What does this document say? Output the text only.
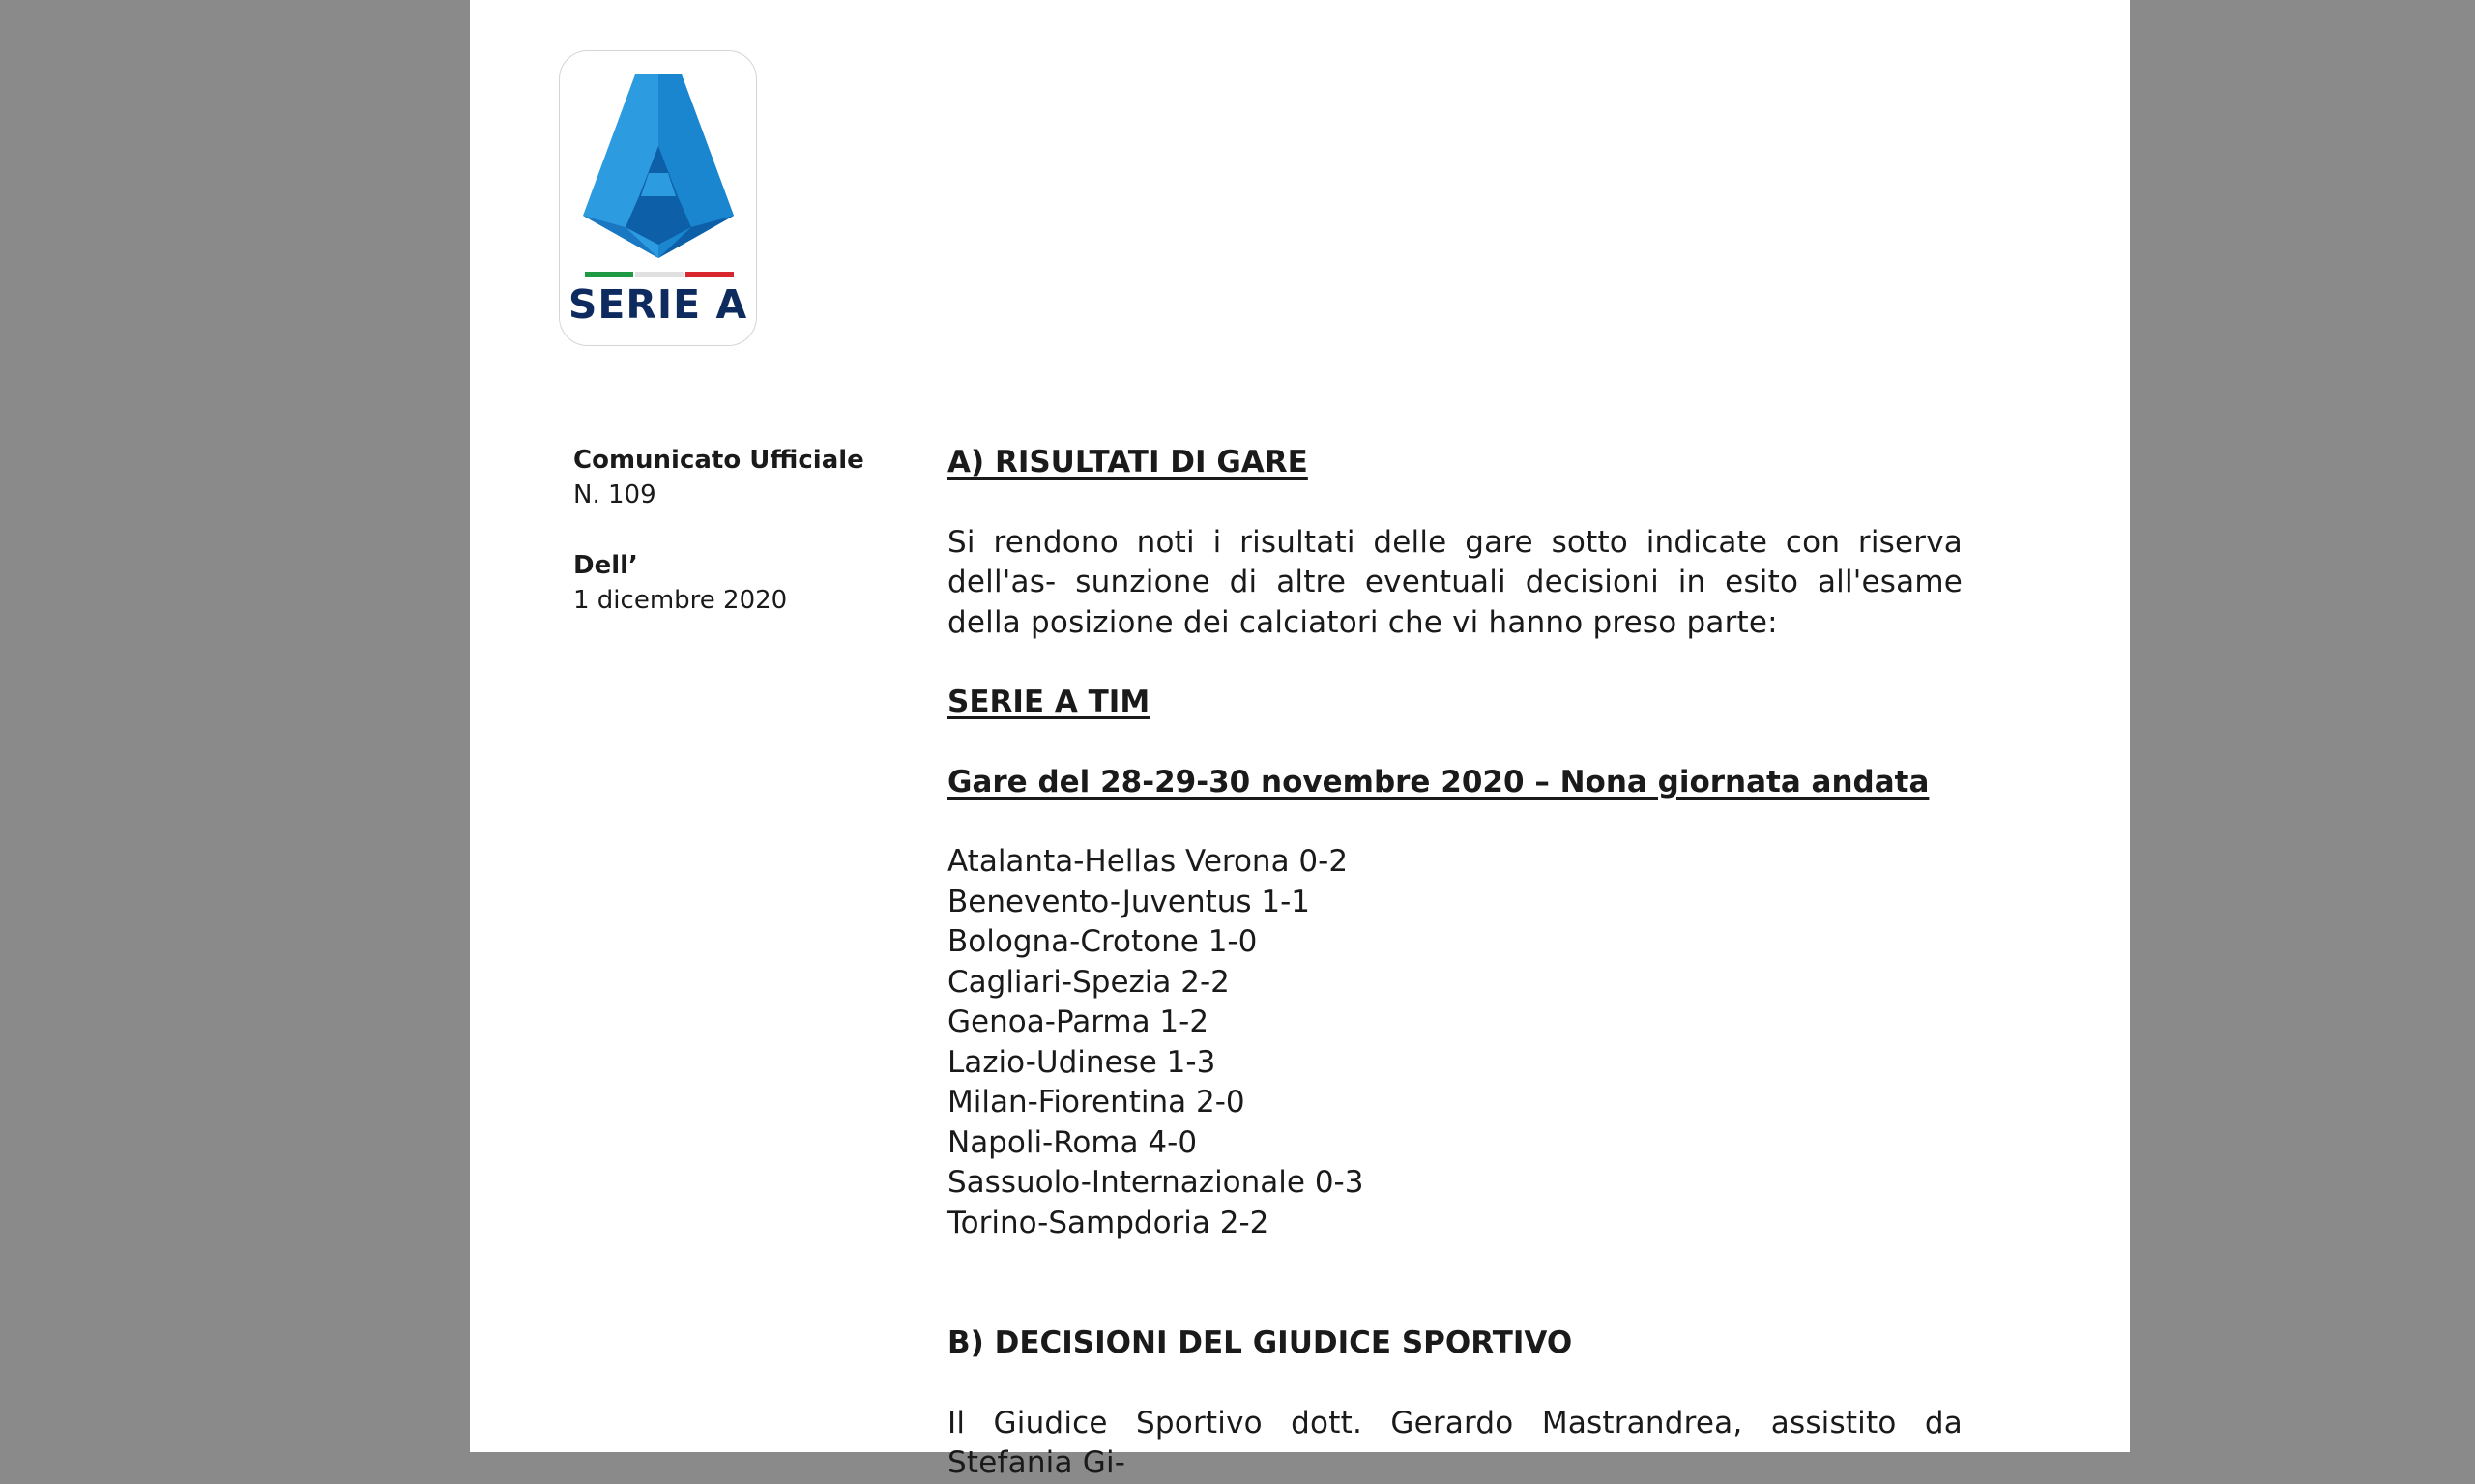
SERIE A
Comunicato Ufficiale
N. 109
Dell’
1 dicembre 2020

A) RISULTATI DI GARE

Si rendono noti i risultati delle gare sotto indicate con riserva dell'as- sunzione di altre eventuali decisioni in esito all'esame della posizione dei calciatori che vi hanno preso parte:

SERIE A TIM

Gare del 28-29-30 novembre 2020 – Nona giornata andata

Atalanta-Hellas Verona 0-2
Benevento-Juventus 1-1
Bologna-Crotone 1-0
Cagliari-Spezia 2-2
Genoa-Parma 1-2
Lazio-Udinese 1-3
Milan-Fiorentina 2-0
Napoli-Roma 4-0
Sassuolo-Internazionale 0-3
Torino-Sampdoria 2-2

B) DECISIONI DEL GIUDICE SPORTIVO

Il Giudice Sportivo dott. Gerardo Mastrandrea, assistito da Stefania Gi-
